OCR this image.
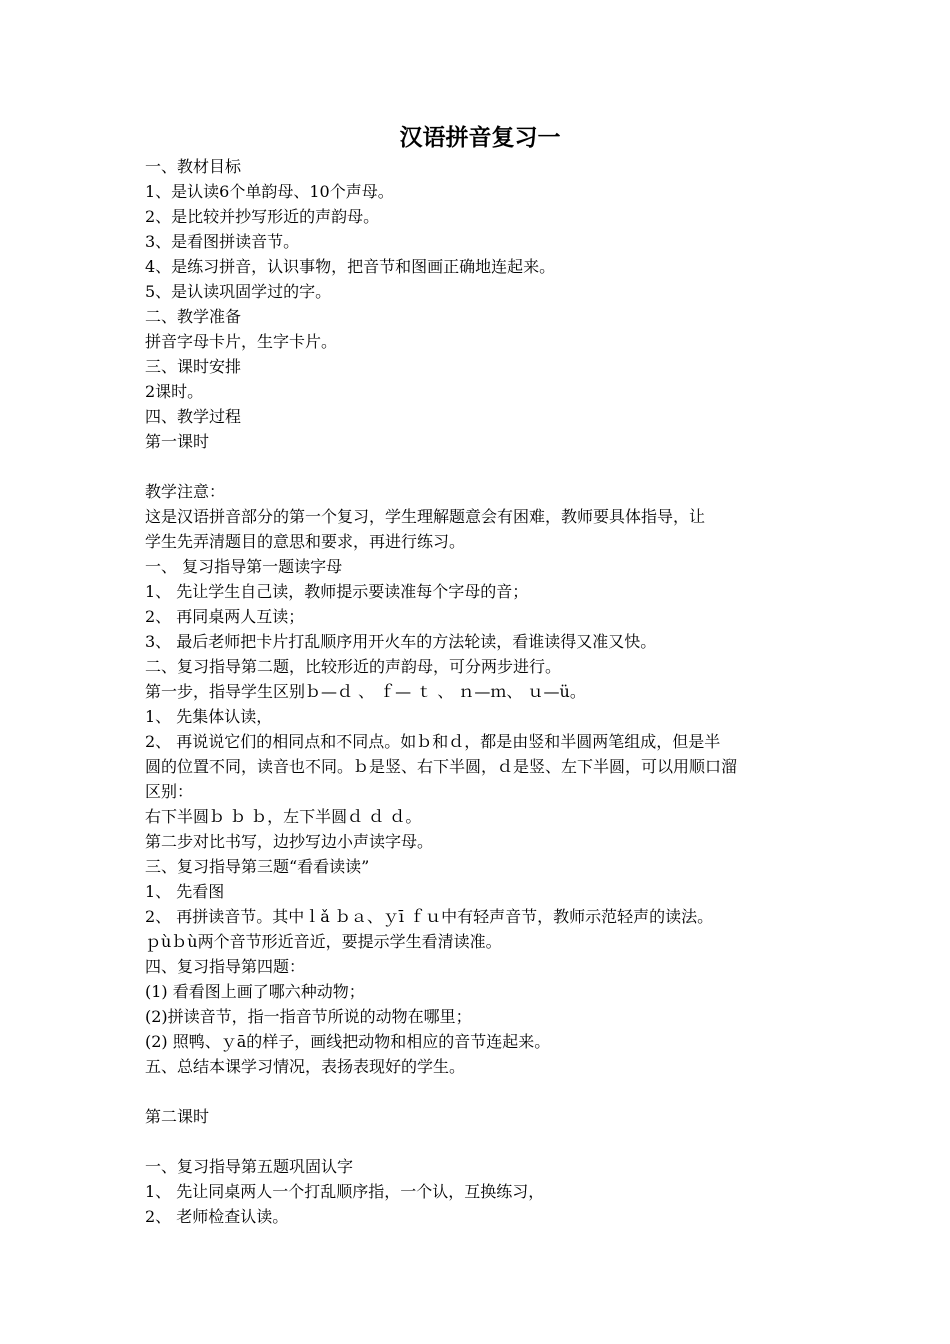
汉语拼音复习一
一、教材目标
1、是认读6个单韵母、10个声母。
2、是比较并抄写形近的声韵母。
3、是看图拼读音节。
4、是练习拼音，认识事物，把音节和图画正确地连起来。
5、是认读巩固学过的字。
二、教学准备
拼音字母卡片，生字卡片。
三、课时安排
2课时。
四、教学过程
第一课时
教学注意：
这是汉语拼音部分的第一个复习，学生理解题意会有困难，教师要具体指导，让
学生先弄清题目的意思和要求，再进行练习。
一、 复习指导第一题读字母
1、 先让学生自己读，教师提示要读准每个字母的音；
2、 再同桌两人互读；
3、 最后老师把卡片打乱顺序用开火车的方法轮读，看谁读得又准又快。
二、复习指导第二题，比较形近的声韵母，可分两步进行。
第一步，指导学生区别ｂ—ｄ 、 ｆ— ｔ 、 ｎ—ｍ、 ｕ—ü。
1、 先集体认读，
2、 再说说它们的相同点和不同点。如ｂ和ｄ，都是由竖和半圆两笔组成，但是半
圆的位置不同，读音也不同。ｂ是竖、右下半圆，ｄ是竖、左下半圆，可以用顺口溜
区别：
右下半圆ｂ ｂ ｂ，左下半圆ｄ ｄ ｄ。
第二步对比书写，边抄写边小声读字母。
三、复习指导第三题“看看读读”
1、 先看图
2、 再拼读音节。其中ｌǎ ｂａ、ｙī ｆｕ中有轻声音节，教师示范轻声的读法。
ｐùｂù两个音节形近音近，要提示学生看清读准。
四、复习指导第四题：
(1) 看看图上画了哪六种动物；
(2)拼读音节，指一指音节所说的动物在哪里；
(2) 照鸭、ｙā的样子，画线把动物和相应的音节连起来。
五、总结本课学习情况，表扬表现好的学生。
第二课时
一、复习指导第五题巩固认字
1、 先让同桌两人一个打乱顺序指，一个认，互换练习，
2、 老师检查认读。
